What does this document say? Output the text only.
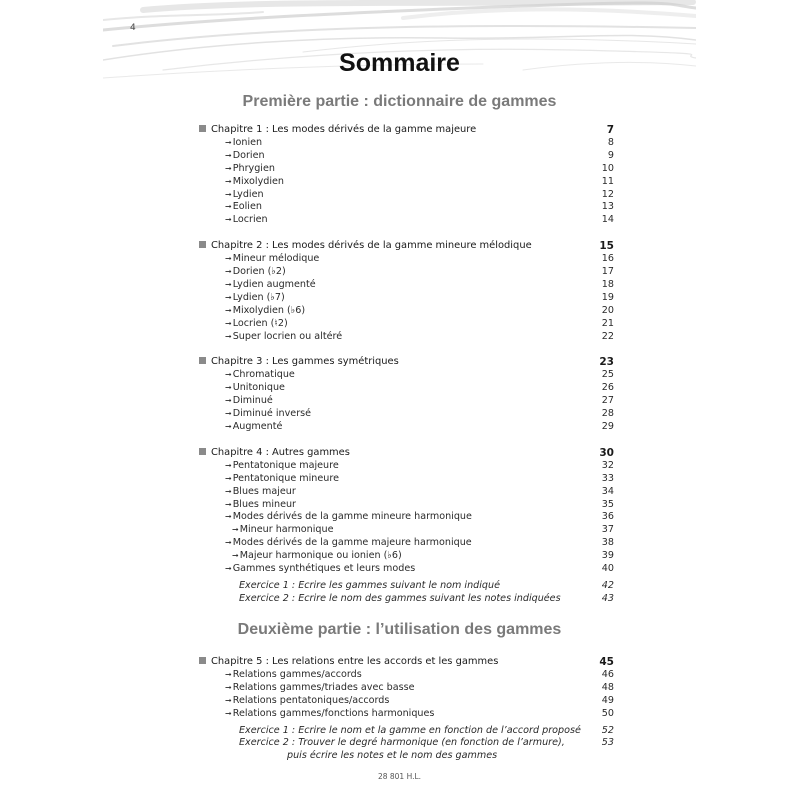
4
Sommaire
Première partie : dictionnaire de gammes
Chapitre 1 : Les modes dérivés de la gamme majeure	7
➞Ionien	8
➞Dorien	9
➞Phrygien	10
➞Mixolydien	11
➞Lydien	12
➞Eolien	13
➞Locrien	14
Chapitre 2 : Les modes dérivés de la gamme mineure mélodique	15
➞Mineur mélodique	16
➞Dorien (♭2)	17
➞Lydien augmenté	18
➞Lydien (♭7)	19
➞Mixolydien (♭6)	20
➞Locrien (♮2)	21
➞Super locrien ou altéré	22
Chapitre 3 : Les gammes symétriques	23
➞Chromatique	25
➞Unitonique	26
➞Diminué	27
➞Diminué inversé	28
➞Augmenté	29
Chapitre 4 : Autres gammes	30
➞Pentatonique majeure	32
➞Pentatonique mineure	33
➞Blues majeur	34
➞Blues mineur	35
➞Modes dérivés de la gamme mineure harmonique	36
➞Mineur harmonique	37
➞Modes dérivés de la gamme majeure harmonique	38
➞Majeur harmonique ou ionien (♭6)	39
➞Gammes synthétiques et leurs modes	40
Exercice 1 : Ecrire les gammes suivant le nom indiqué	42
Exercice 2 : Ecrire le nom des gammes suivant les notes indiquées	43
Deuxième partie : l’utilisation des gammes
Chapitre 5 : Les relations entre les accords et les gammes	45
➞Relations gammes/accords	46
➞Relations gammes/triades avec basse	48
➞Relations pentatoniques/accords	49
➞Relations gammes/fonctions harmoniques	50
Exercice 1 : Ecrire le nom et la gamme en fonction de l’accord proposé 52
Exercice 2 : Trouver le degré harmonique (en fonction de l’armure),	53
puis écrire les notes et le nom des gammes
28 801 H.L.
